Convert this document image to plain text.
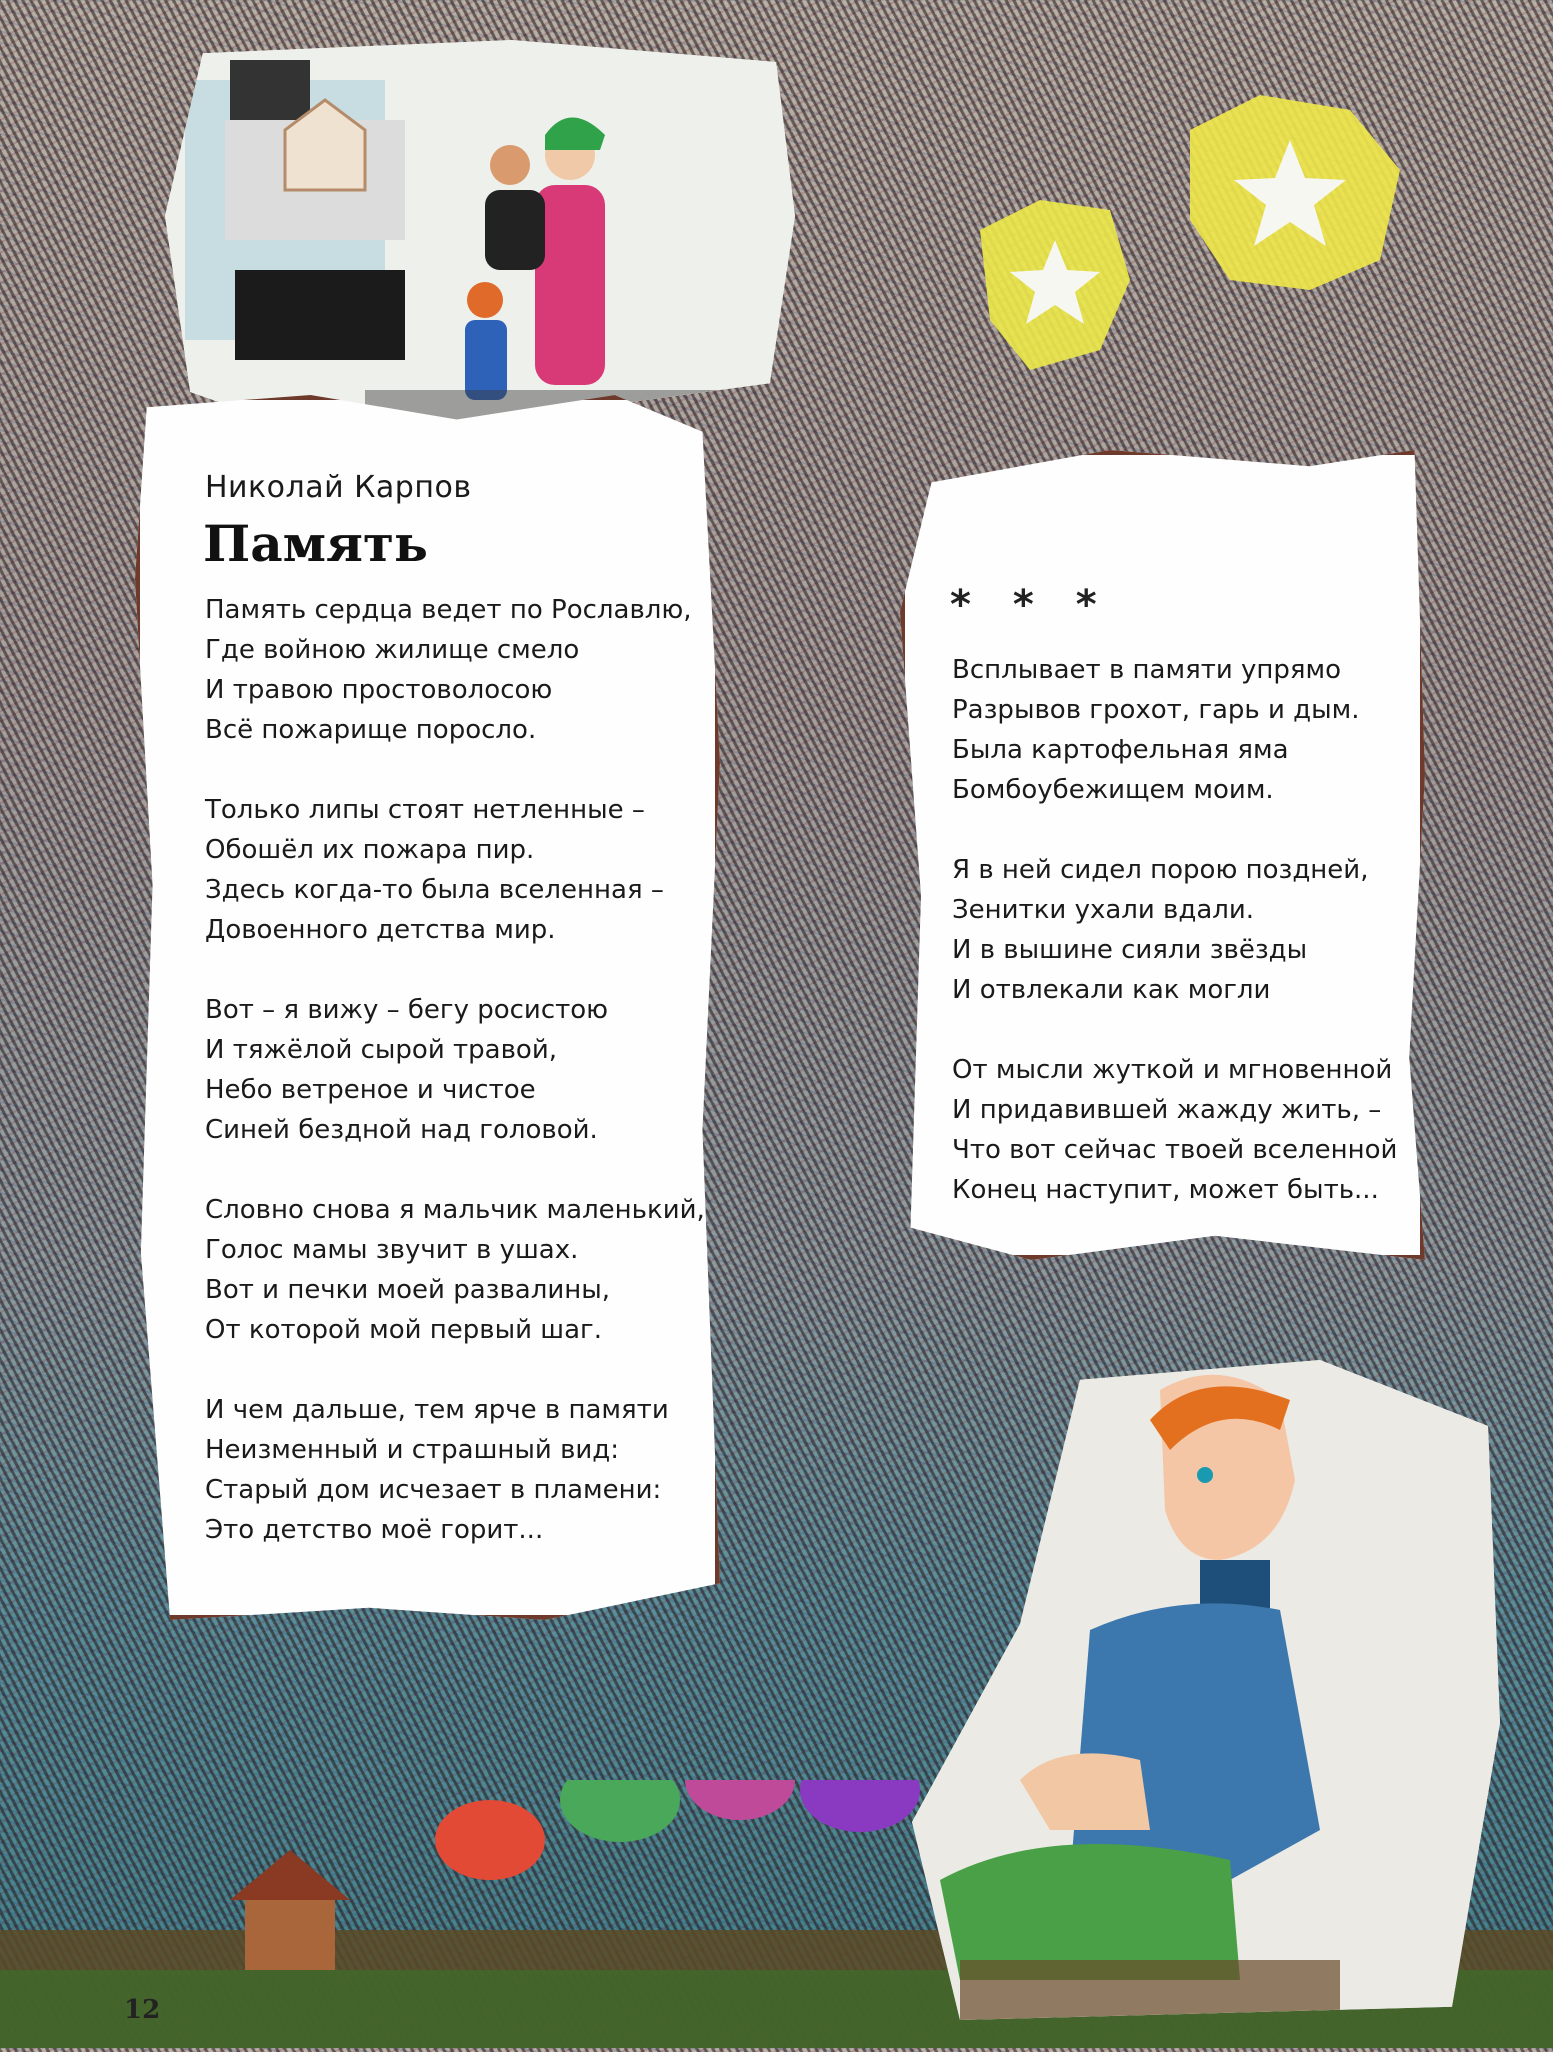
Николай Карпов
Память
Память сердца ведет по Рославлю,
Где войною жилище смело
И травою простоволосою
Всё пожарище поросло.
Только липы стоят нетленные –
Обошёл их пожара пир.
Здесь когда-то была вселенная –
Довоенного детства мир.
Вот – я вижу – бегу росистою
И тяжёлой сырой травой,
Небо ветреное и чистое
Синей бездной над головой.
Словно снова я мальчик маленький,
Голос мамы звучит в ушах.
Вот и печки моей развалины,
От которой мой первый шаг.
И чем дальше, тем ярче в памяти
Неизменный и страшный вид:
Старый дом исчезает в пламени:
Это детство моё горит...
* * *
Всплывает в памяти упрямо
Разрывов грохот, гарь и дым.
Была картофельная яма
Бомбоубежищем моим.
Я в ней сидел порою поздней,
Зенитки ухали вдали.
И в вышине сияли звёзды
И отвлекали как могли
От мысли жуткой и мгновенной
И придавившей жажду жить, –
Что вот сейчас твоей вселенной
Конец наступит, может быть...
12
